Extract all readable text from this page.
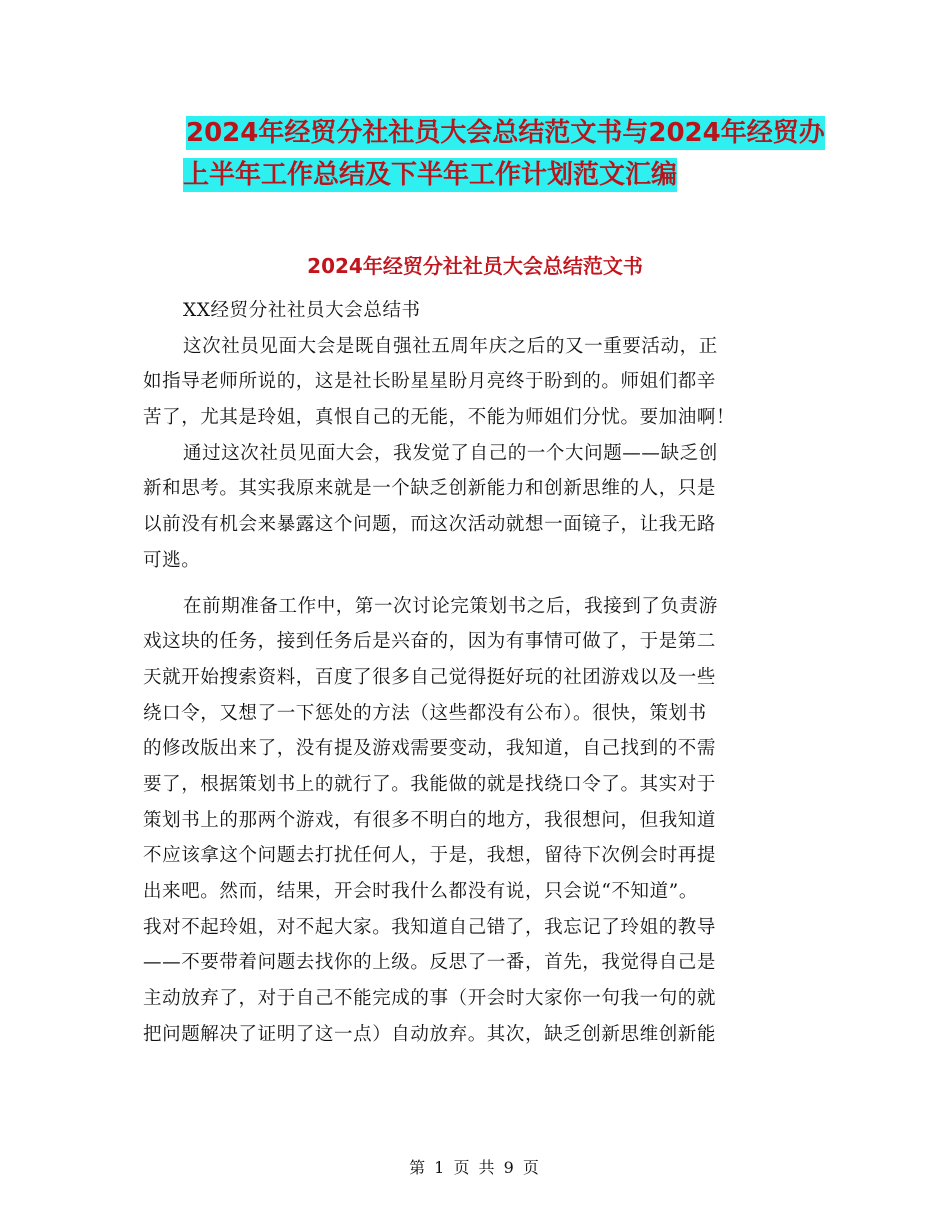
2024年经贸分社社员大会总结范文书与2024年经贸办
上半年工作总结及下半年工作计划范文汇编
2024年经贸分社社员大会总结范文书
XX经贸分社社员大会总结书
这次社员见面大会是既自强社五周年庆之后的又一重要活动，正
如指导老师所说的，这是社长盼星星盼月亮终于盼到的。师姐们都辛
苦了，尤其是玲姐，真恨自己的无能，不能为师姐们分忧。要加油啊！
通过这次社员见面大会，我发觉了自己的一个大问题——缺乏创
新和思考。其实我原来就是一个缺乏创新能力和创新思维的人，只是
以前没有机会来暴露这个问题，而这次活动就想一面镜子，让我无路
可逃。
在前期准备工作中，第一次讨论完策划书之后，我接到了负责游
戏这块的任务，接到任务后是兴奋的，因为有事情可做了，于是第二
天就开始搜索资料，百度了很多自己觉得挺好玩的社团游戏以及一些
绕口令，又想了一下惩处的方法（这些都没有公布）。很快，策划书
的修改版出来了，没有提及游戏需要变动，我知道，自己找到的不需
要了，根据策划书上的就行了。我能做的就是找绕口令了。其实对于
策划书上的那两个游戏，有很多不明白的地方，我很想问，但我知道
不应该拿这个问题去打扰任何人，于是，我想，留待下次例会时再提
出来吧。然而，结果，开会时我什么都没有说，只会说“不知道”。
我对不起玲姐，对不起大家。我知道自己错了，我忘记了玲姐的教导
——不要带着问题去找你的上级。反思了一番，首先，我觉得自己是
主动放弃了，对于自己不能完成的事（开会时大家你一句我一句的就
把问题解决了证明了这一点）自动放弃。其次，缺乏创新思维创新能
第 1 页 共 9 页
